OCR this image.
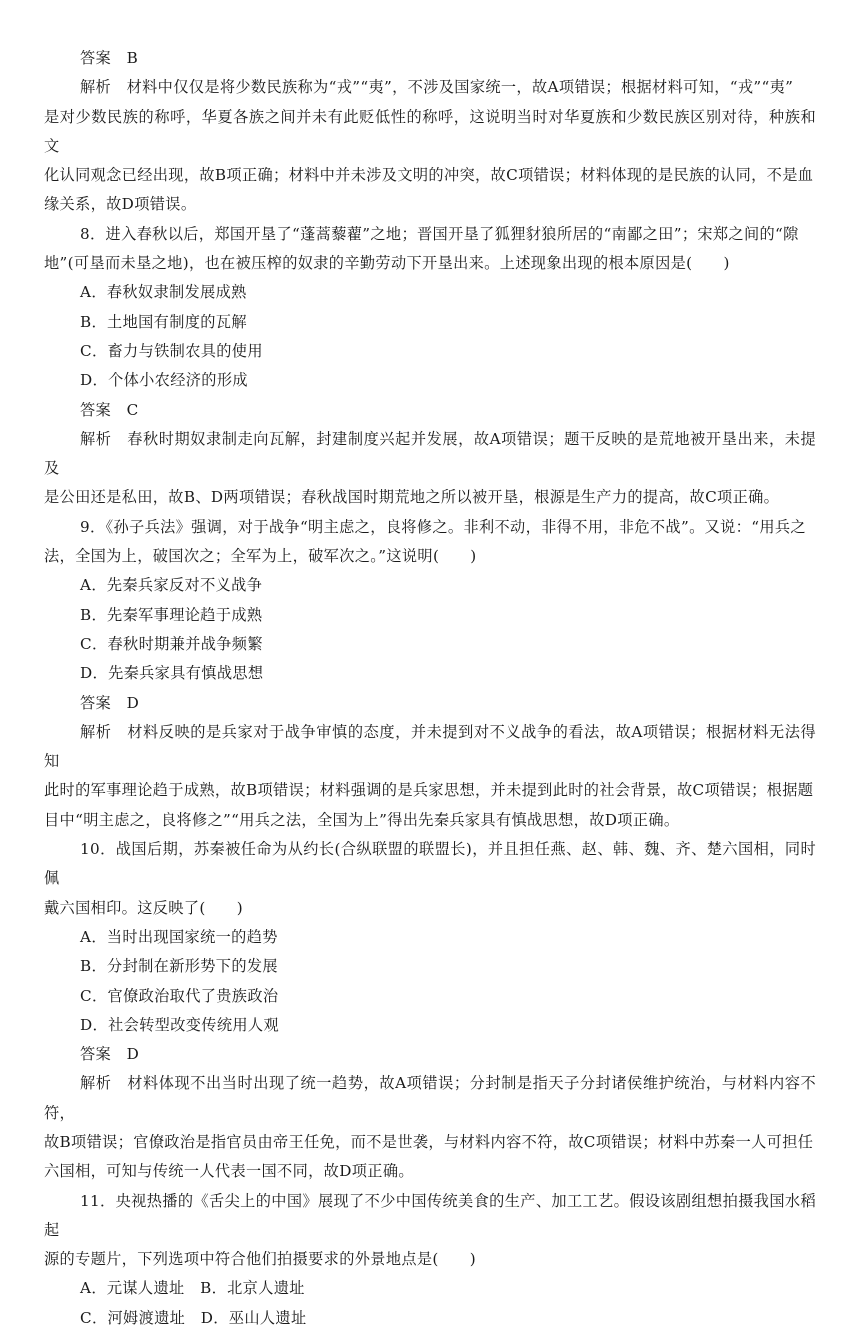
答案　B

解析　材料中仅仅是将少数民族称为“戎”“夷”，不涉及国家统一，故A项错误；根据材料可知，“戎”“夷”
是对少数民族的称呼，华夏各族之间并未有此贬低性的称呼，这说明当时对华夏族和少数民族区别对待，种族和文
化认同观念已经出现，故B项正确；材料中并未涉及文明的冲突，故C项错误；材料体现的是民族的认同，不是血
缘关系，故D项错误。

8．进入春秋以后，郑国开垦了“蓬蒿藜藋”之地；晋国开垦了狐狸豺狼所居的“南鄙之田”；宋郑之间的“隙
地”(可垦而未垦之地)，也在被压榨的奴隶的辛勤劳动下开垦出来。上述现象出现的根本原因是(　　)

A．春秋奴隶制发展成熟
B．土地国有制度的瓦解
C．畜力与铁制农具的使用
D．个体小农经济的形成
答案　C

解析　春秋时期奴隶制走向瓦解，封建制度兴起并发展，故A项错误；题干反映的是荒地被开垦出来，未提及
是公田还是私田，故B、D两项错误；春秋战国时期荒地之所以被开垦，根源是生产力的提高，故C项正确。

9．《孙子兵法》强调，对于战争“明主虑之，良将修之。非利不动，非得不用，非危不战”。又说：“用兵之
法，全国为上，破国次之；全军为上，破军次之。”这说明(　　)

A．先秦兵家反对不义战争
B．先秦军事理论趋于成熟
C．春秋时期兼并战争频繁
D．先秦兵家具有慎战思想
答案　D

解析　材料反映的是兵家对于战争审慎的态度，并未提到对不义战争的看法，故A项错误；根据材料无法得知
此时的军事理论趋于成熟，故B项错误；材料强调的是兵家思想，并未提到此时的社会背景，故C项错误；根据题
目中“明主虑之，良将修之”“用兵之法，全国为上”得出先秦兵家具有慎战思想，故D项正确。

10．战国后期，苏秦被任命为从约长(合纵联盟的联盟长)，并且担任燕、赵、韩、魏、齐、楚六国相，同时佩
戴六国相印。这反映了(　　)

A．当时出现国家统一的趋势
B．分封制在新形势下的发展
C．官僚政治取代了贵族政治
D．社会转型改变传统用人观
答案　D

解析　材料体现不出当时出现了统一趋势，故A项错误；分封制是指天子分封诸侯维护统治，与材料内容不符，
故B项错误；官僚政治是指官员由帝王任免，而不是世袭，与材料内容不符，故C项错误；材料中苏秦一人可担任
六国相，可知与传统一人代表一国不同，故D项正确。

11．央视热播的《舌尖上的中国》展现了不少中国传统美食的生产、加工工艺。假设该剧组想拍摄我国水稻起
源的专题片，下列选项中符合他们拍摄要求的外景地点是(　　)

A．元谋人遗址　B．北京人遗址
C．河姆渡遗址　D．巫山人遗址
